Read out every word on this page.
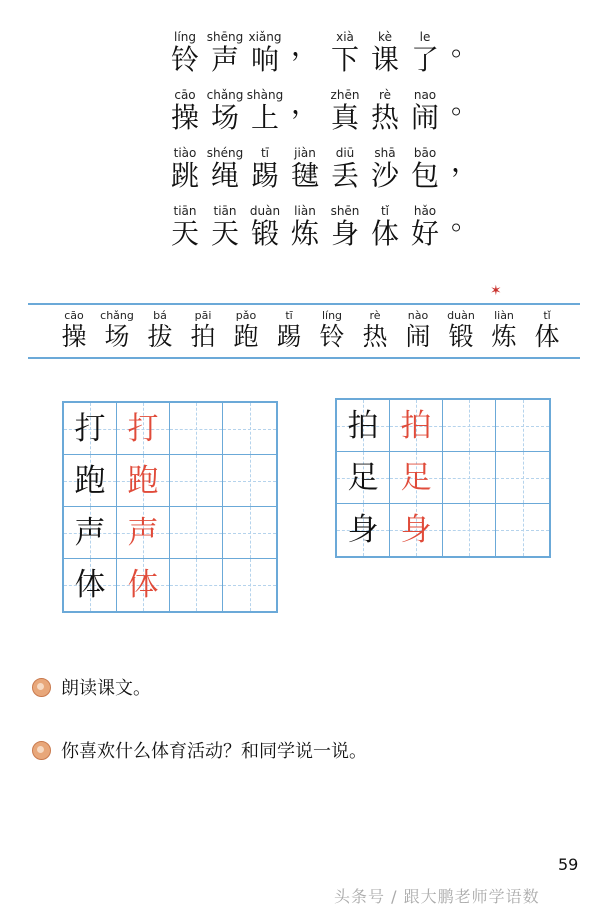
líng
铃
shēng
声
xiǎng
响 ，	xià
下
kè
课
le
了 。
cāo
操
chǎng
场
shàng
上 ， zhēn
真
rè
热
nao
闹 。
tiào
跳
shéng
绳
tī
踢
jiàn
毽
diū
丢
shā
沙
bāo
包 ，
tiān
天
tiān
天
duàn
锻
liàn
炼
shēn
身
tǐ
体
hǎo
好 。
✶
cāo
操
chǎng
场
bá
拔
pāi
拍
pǎo
跑
tī
踢
líng
铃
rè
热
nào
闹
duàn
锻
liàn
炼
tǐ
体
打 打
跑 跑
声 声
体 体
拍 拍
足 足
身 身
朗读课文。
你喜欢什么体育活动？和同学说一说。
59
头条号 / 跟大鹏老师学语数
